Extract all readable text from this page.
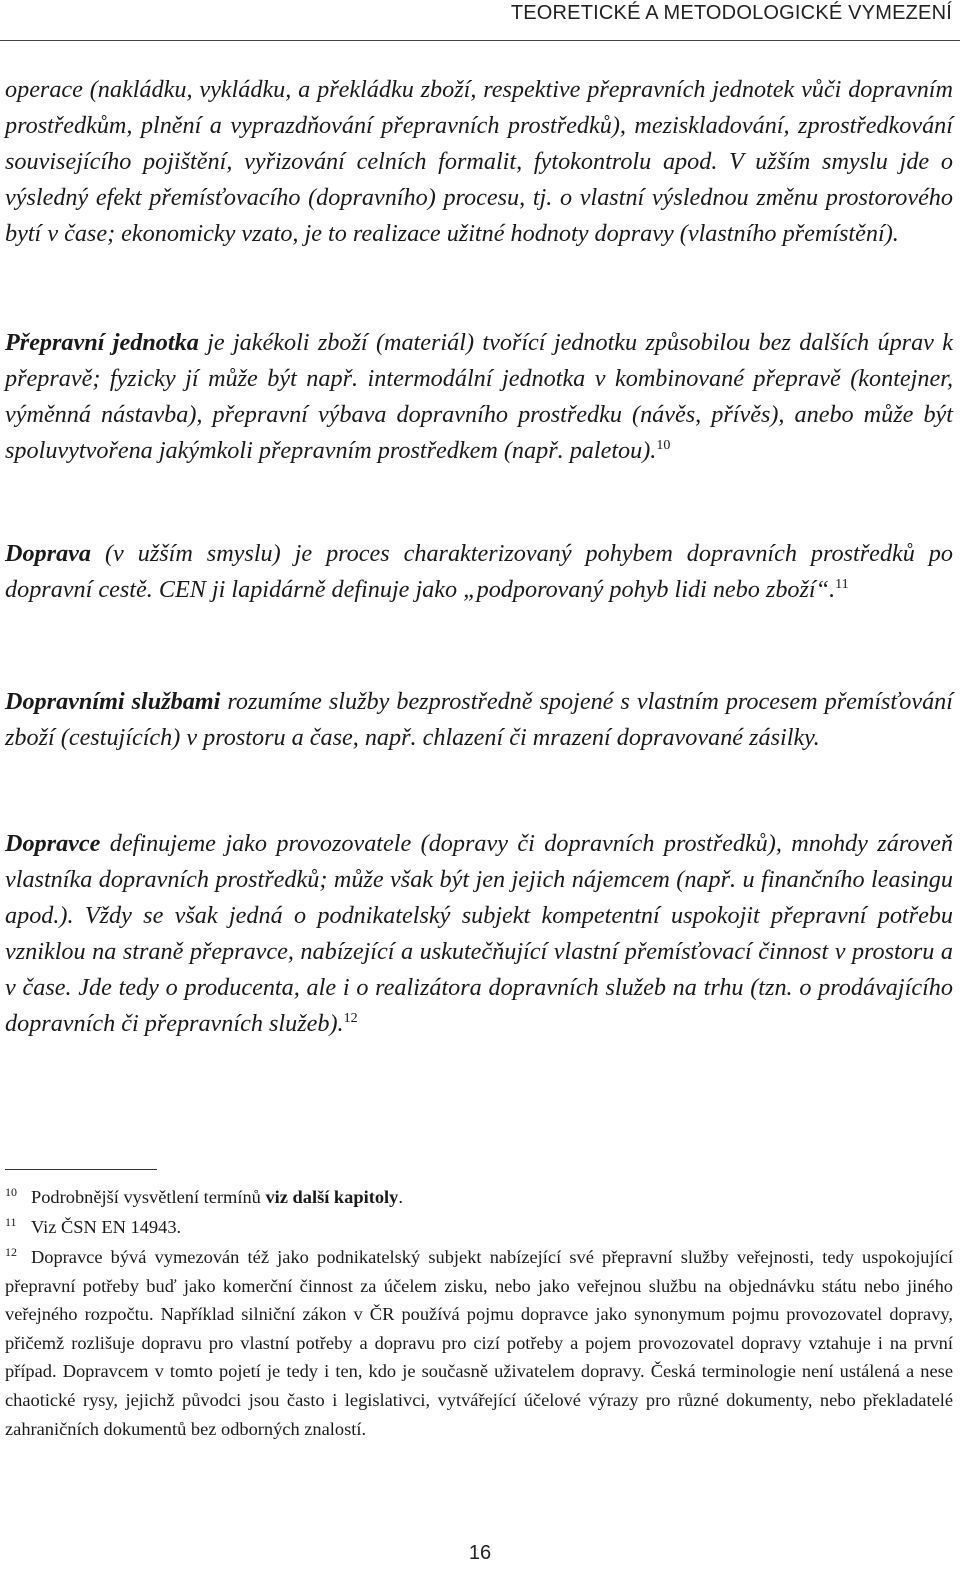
TEORETICKÉ A METODOLOGICKÉ VYMEZENÍ

operace (nakládku, vykládku, a překládku zboží, respektive přepravních jednotek vůči dopravním prostředkům, plnění a vyprazdňování přepravních prostředků), meziskladování, zprostředkování souvisejícího pojištění, vyřizování celních formalit, fytokontrolu apod. V užším smyslu jde o výsledný efekt přemísťovacího (dopravního) procesu, tj. o vlastní výslednou změnu prostorového bytí v čase; ekonomicky vzato, je to realizace užitné hodnoty dopravy (vlastního přemístění).

Přepravní jednotka je jakékoli zboží (materiál) tvořící jednotku způsobilou bez dalších úprav k přepravě; fyzicky jí může být např. intermodální jednotka v kombinované přepravě (kontejner, výměnná nástavba), přepravní výbava dopravního prostředku (návěs, přívěs), anebo může být spoluvytvořena jakýmkoli přepravním prostředkem (např. paletou).$^{10}$

Doprava (v užším smyslu) je proces charakterizovaný pohybem dopravních prostředků po dopravní cestě. CEN ji lapidárně definuje jako „podporovaný pohyb lidi nebo zboží“.$^{11}$

Dopravními službami rozumíme služby bezprostředně spojené s vlastním procesem přemísťování zboží (cestujících) v prostoru a čase, např. chlazení či mrazení dopravované zásilky.

Dopravce definujeme jako provozovatele (dopravy či dopravních prostředků), mnohdy zároveň vlastníka dopravních prostředků; může však být jen jejich nájemcem (např. u finančního leasingu apod.). Vždy se však jedná o podnikatelský subjekt kompetentní uspokojit přepravní potřebu vzniklou na straně přepravce, nabízející a uskutečňující vlastní přemísťovací činnost v prostoru a v čase. Jde tedy o producenta, ale i o realizátora dopravních služeb na trhu (tzn. o prodávajícího dopravních či přepravních služeb).$^{12}$

10 Podrobnější vysvětlení termínů viz další kapitoly.

11 Viz ČSN EN 14943.

12 Dopravce bývá vymezován též jako podnikatelský subjekt nabízející své přepravní služby veřejnosti, tedy uspokojující přepravní potřeby buď jako komerční činnost za účelem zisku, nebo jako veřejnou službu na objednávku státu nebo jiného veřejného rozpočtu. Například silniční zákon v ČR používá pojmu dopravce jako synonymum pojmu provozovatel dopravy, přičemž rozlišuje dopravu pro vlastní potřeby a dopravu pro cizí potřeby a pojem provozovatel dopravy vztahuje i na první případ. Dopravcem v tomto pojetí je tedy i ten, kdo je současně uživatelem dopravy. Česká terminologie není ustálená a nese chaotické rysy, jejichž původci jsou často i legislativci, vytvářející účelové výrazy pro různé dokumenty, nebo překladatelé zahraničních dokumentů bez odborných znalostí.

16
